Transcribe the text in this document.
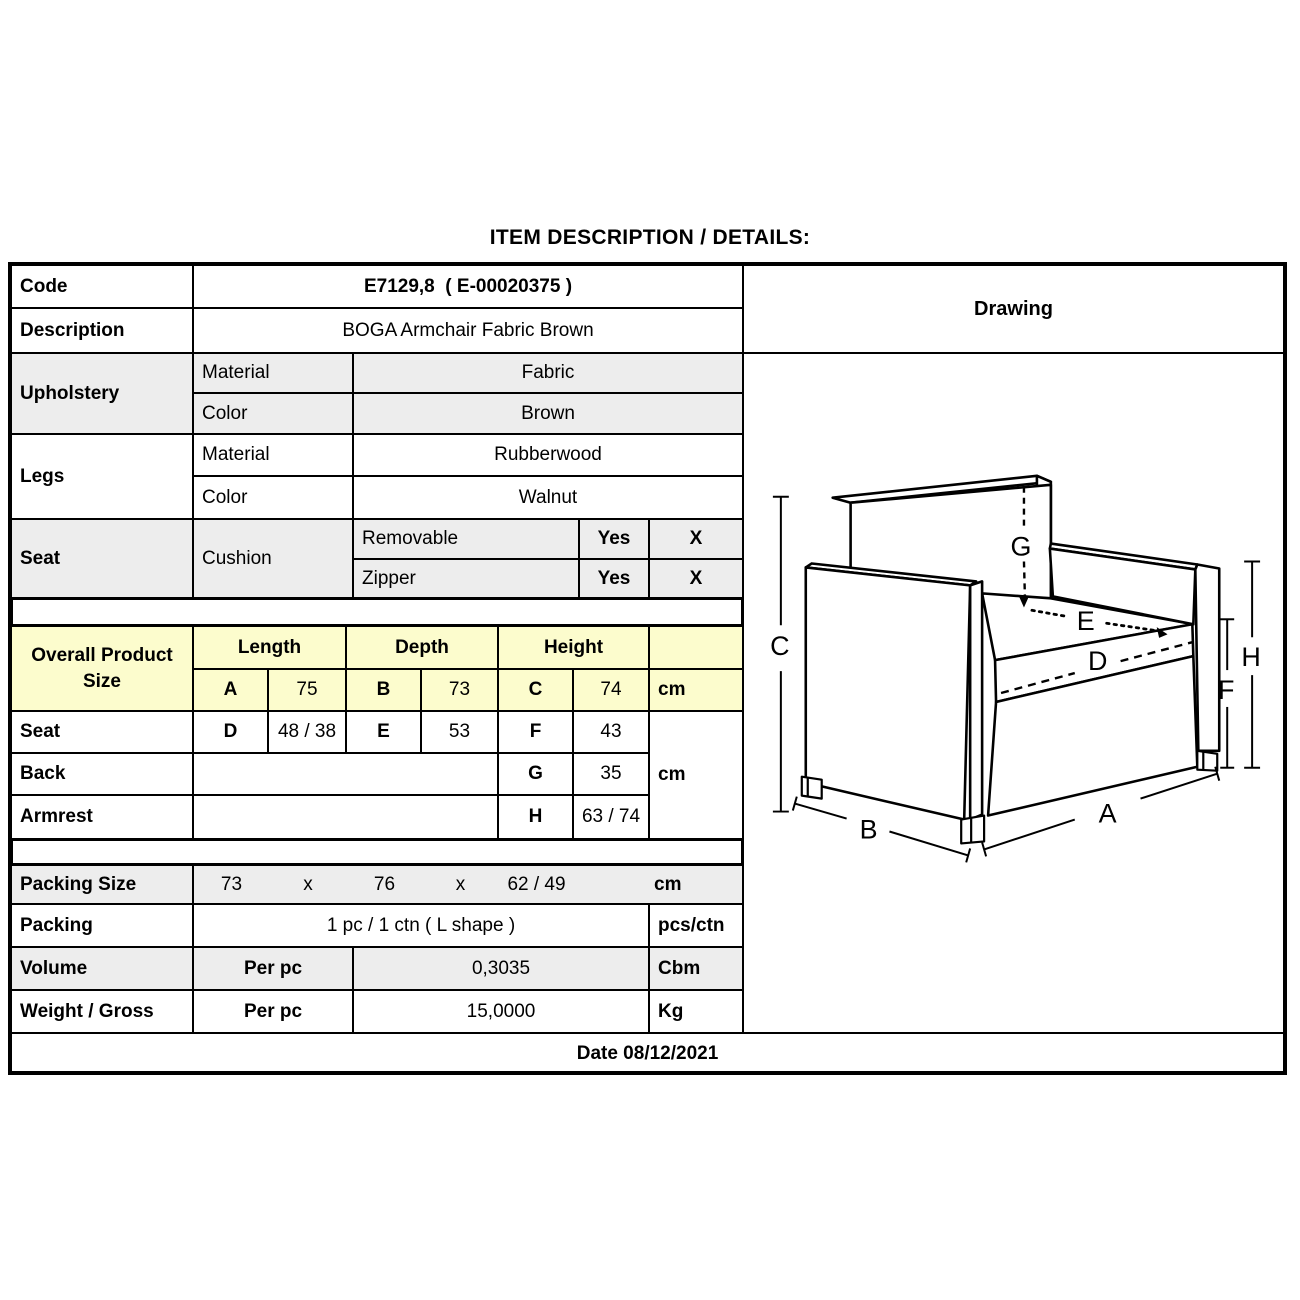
ITEM DESCRIPTION / DETAILS:
Code	E7129,8  ( E-00020375 )
Description	BOGA Armchair Fabric Brown
Upholstery
Material	Fabric
Color	Brown
Legs
Material	Rubberwood
Color	Walnut
Seat	Cushion
Removable	Yes	X
Zipper	Yes	X
Overall Product Size
Length	Depth	Height
A	75	B	73	C	74	cm
Seat	D	48 / 38	E	53	F	43
cm
Back	G	35
Armrest	H	63 / 74
Packing Size	73	x	76	x	62 / 49	cm
Packing	1 pc / 1 ctn ( L shape )	pcs/ctn
Volume	Per pc	0,3035	Cbm
Weight / Gross	Per pc	15,0000	Kg
Date 08/12/2021
Drawing
C
G
E
D	H
F
B
A
